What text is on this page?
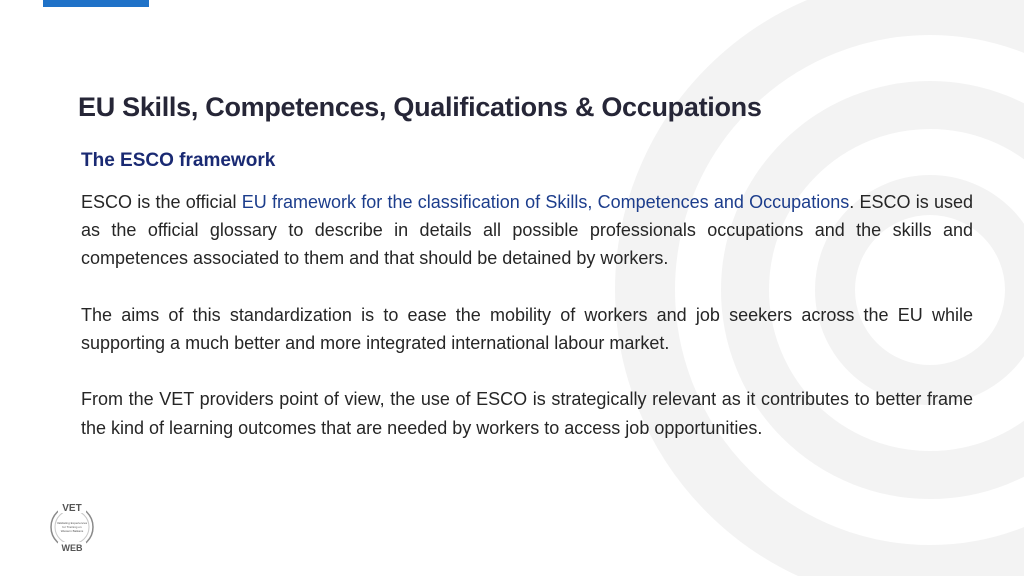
EU Skills, Competences, Qualifications & Occupations
The ESCO framework

ESCO is the official EU framework for the classification of Skills, Competences and Occupations. ESCO is used as the official glossary to describe in details all possible professionals occupations and the skills and competences associated to them and that should be detained by workers.

The aims of this standardization is to ease the mobility of workers and job seekers across the EU while supporting a much better and more integrated international labour market.

From the VET providers point of view, the use of ESCO is strategically relevant as it contributes to better frame the kind of learning outcomes that are needed by workers to access job opportunities.

VET
WEB
Validating Experiences
for Training on
Western Balkans
